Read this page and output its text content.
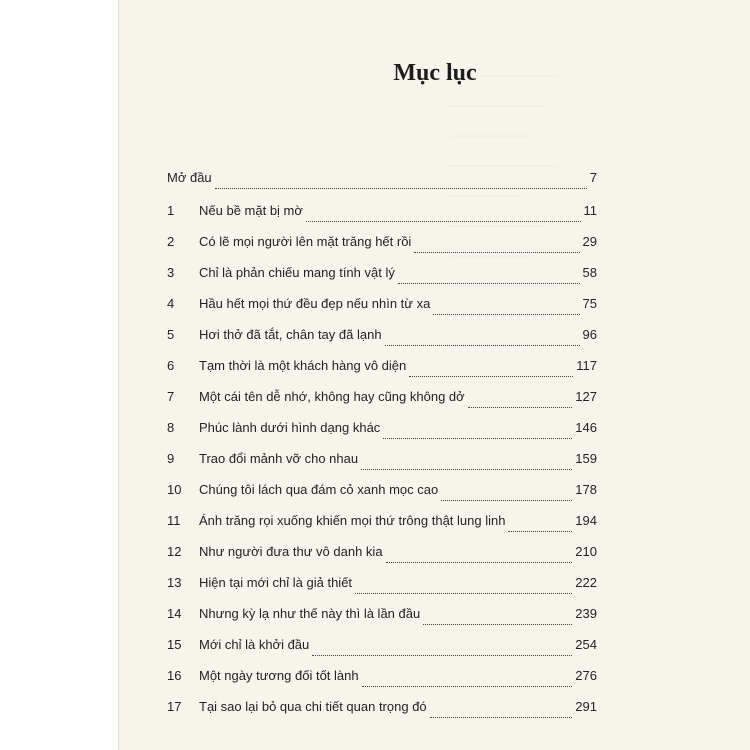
—————————
————————
———————
—————————
——————
————————
———————
—————————
————————
——————
Mục lục
Mở đầu	7
1	Nếu bề mặt bị mờ	11
2	Có lẽ mọi người lên mặt trăng hết rồi	29
3	Chỉ là phản chiếu mang tính vật lý	58
4	Hầu hết mọi thứ đều đẹp nếu nhìn từ xa	75
5	Hơi thở đã tắt, chân tay đã lạnh	96
6	Tạm thời là một khách hàng vô diện	117
7	Một cái tên dễ nhớ, không hay cũng không dở	127
8	Phúc lành dưới hình dạng khác	146
9	Trao đổi mảnh vỡ cho nhau	159
10	Chúng tôi lách qua đám cỏ xanh mọc cao	178
11	Ánh trăng rọi xuống khiến mọi thứ trông thật lung linh	194
12	Như người đưa thư vô danh kia	210
13	Hiện tại mới chỉ là giả thiết	222
14	Nhưng kỳ lạ như thế này thì là lần đầu	239
15	Mới chỉ là khởi đầu	254
16	Một ngày tương đối tốt lành	276
17	Tại sao lại bỏ qua chi tiết quan trọng đó	291
